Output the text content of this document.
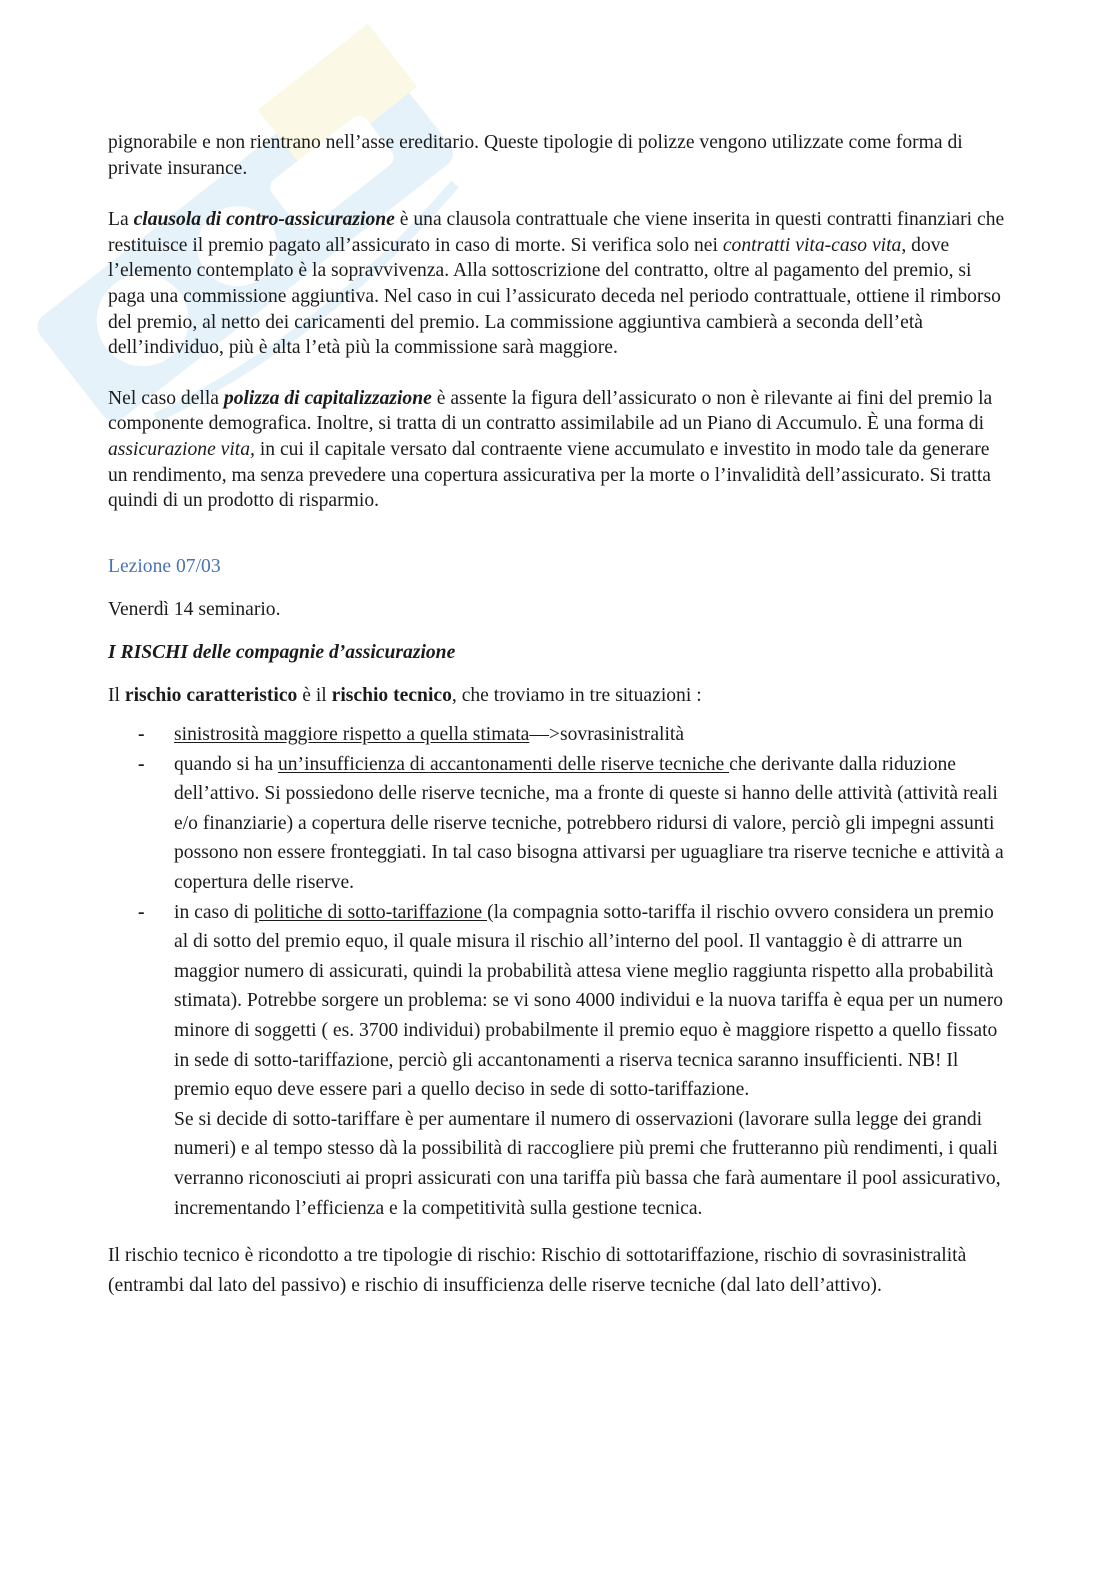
pignorabile e non rientrano nell’asse ereditario. Queste tipologie di polizze vengono utilizzate come forma di private insurance.

La clausola di contro-assicurazione è una clausola contrattuale che viene inserita in questi contratti finanziari che restituisce il premio pagato all’assicurato in caso di morte. Si verifica solo nei contratti vita-caso vita, dove l’elemento contemplato è la sopravvivenza. Alla sottoscrizione del contratto, oltre al pagamento del premio, si paga una commissione aggiuntiva. Nel caso in cui l’assicurato deceda nel periodo contrattuale, ottiene il rimborso del premio, al netto dei caricamenti del premio. La commissione aggiuntiva cambierà a seconda dell’età dell’individuo, più è alta l’età più la commissione sarà maggiore.

Nel caso della polizza di capitalizzazione è assente la figura dell’assicurato o non è rilevante ai fini del premio la componente demografica. Inoltre, si tratta di un contratto assimilabile ad un Piano di Accumulo. È una forma di assicurazione vita, in cui il capitale versato dal contraente viene accumulato e investito in modo tale da generare un rendimento, ma senza prevedere una copertura assicurativa per la morte o l’invalidità dell’assicurato. Si tratta quindi di un prodotto di risparmio.

Lezione 07/03

Venerdì 14 seminario.

I RISCHI delle compagnie d’assicurazione

Il rischio caratteristico è il rischio tecnico, che troviamo in tre situazioni :

- sinistrosità maggiore rispetto a quella stimata—>sovrasinistralità

- quando si ha un’insufficienza di accantonamenti delle riserve tecniche che derivante dalla riduzione dell’attivo. Si possiedono delle riserve tecniche, ma a fronte di queste si hanno delle attività (attività reali e/o finanziarie) a copertura delle riserve tecniche, potrebbero ridursi di valore, perciò gli impegni assunti possono non essere fronteggiati. In tal caso bisogna attivarsi per uguagliare tra riserve tecniche e attività a copertura delle riserve.

- in caso di politiche di sotto-tariffazione (la compagnia sotto-tariffa il rischio ovvero considera un premio al di sotto del premio equo, il quale misura il rischio all’interno del pool. Il vantaggio è di attrarre un maggior numero di assicurati, quindi la probabilità attesa viene meglio raggiunta rispetto alla probabilità stimata). Potrebbe sorgere un problema: se vi sono 4000 individui e la nuova tariffa è equa per un numero minore di soggetti ( es. 3700 individui) probabilmente il premio equo è maggiore rispetto a quello fissato in sede di sotto-tariffazione, perciò gli accantonamenti a riserva tecnica saranno insufficienti. NB! Il premio equo deve essere pari a quello deciso in sede di sotto-tariffazione.

Se si decide di sotto-tariffare è per aumentare il numero di osservazioni (lavorare sulla legge dei grandi numeri) e al tempo stesso dà la possibilità di raccogliere più premi che frutteranno più rendimenti, i quali verranno riconosciuti ai propri assicurati con una tariffa più bassa che farà aumentare il pool assicurativo, incrementando l’efficienza e la competitività sulla gestione tecnica.

Il rischio tecnico è ricondotto a tre tipologie di rischio: Rischio di sottotariffazione, rischio di sovrasinistralità (entrambi dal lato del passivo) e rischio di insufficienza delle riserve tecniche (dal lato dell’attivo).
